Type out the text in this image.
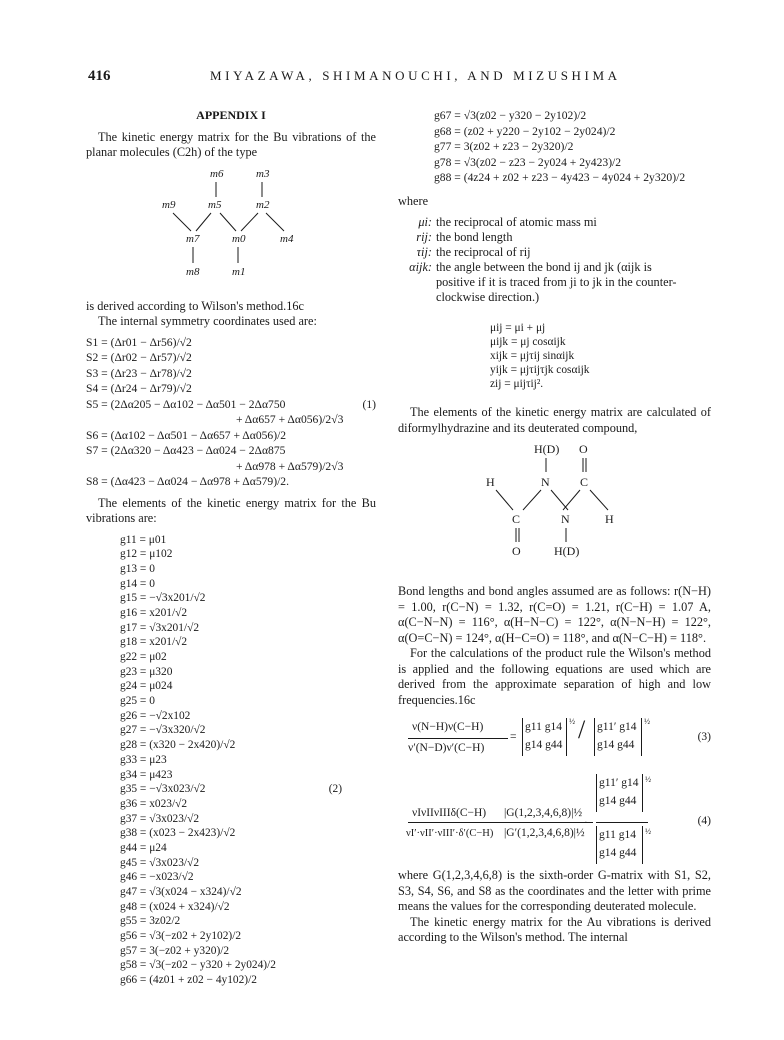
416	MIYAZAWA, SHIMANOUCHI, AND MIZUSHIMA
APPENDIX I

The kinetic energy matrix for the Bu vibrations of the planar molecules (C2h) of the type

m6	m3
m9	m5	m2
m7	m0	m4
m8	m1

is derived according to Wilson's method.16c

The internal symmetry coordinates used are:

S1 = (Δr01 − Δr56)/√2
S2 = (Δr02 − Δr57)/√2
S3 = (Δr23 − Δr78)/√2
S4 = (Δr24 − Δr79)/√2
S5 = (2Δα205 − Δα102 − Δα501 − 2Δα750	(1)
+ Δα657 + Δα056)/2√3
S6 = (Δα102 − Δα501 − Δα657 + Δα056)/2
S7 = (2Δα320 − Δα423 − Δα024 − 2Δα875
+ Δα978 + Δα579)/2√3
S8 = (Δα423 − Δα024 − Δα978 + Δα579)/2.

The elements of the kinetic energy matrix for the Bu vibrations are:

g11 = μ01
g12 = μ102
g13 = 0
g14 = 0
g15 = −√3x201/√2
g16 = x201/√2
g17 = √3x201/√2
g18 = x201/√2
g22 = μ02
g23 = μ320
g24 = μ024
g25 = 0
g26 = −√2x102
g27 = −√3x320/√2
g28 = (x320 − 2x420)/√2
g33 = μ23
g34 = μ423
g35 = −√3x023/√2	(2)
g36 = x023/√2
g37 = √3x023/√2
g38 = (x023 − 2x423)/√2
g44 = μ24
g45 = √3x023/√2
g46 = −x023/√2
g47 = √3(x024 − x324)/√2
g48 = (x024 + x324)/√2
g55 = 3z02/2
g56 = √3(−z02 + 2y102)/2
g57 = 3(−z02 + y320)/2
g58 = √3(−z02 − y320 + 2y024)/2
g66 = (4z01 + z02 − 4y102)/2
g67 = √3(z02 − y320 − 2y102)/2
g68 = (z02 + y220 − 2y102 − 2y024)/2
g77 = 3(z02 + z23 − 2y320)/2
g78 = √3(z02 − z23 − 2y024 + 2y423)/2
g88 = (4z24 + z02 + z23 − 4y423 − 4y024 + 2y320)/2
where
μi: the reciprocal of atomic mass mi
rij: the bond length
τij: the reciprocal of rij
αijk: the angle between the bond ij and jk (αijk is
positive if it is traced from ji to jk in the counter-
clockwise direction.)
μij = μi + μj
μijk = μj cosαijk
xijk = μjτij sinαijk
yijk = μjτijτjk cosαijk
zij = μijτij².

The elements of the kinetic energy matrix are calculated of diformylhydrazine and its deuterated compound,

H(D) O
H	N	C
C	N	H
O	H(D)

Bond lengths and bond angles assumed are as follows: r(N−H) = 1.00, r(C−N) = 1.32, r(C=O) = 1.21, r(C−H) = 1.07 A, α(C−N−N) = 116°, α(H−N−C) = 122°, α(N−N−H) = 122°, α(O=C−N) = 124°, α(H−C=O) = 118°, and α(N−C−H) = 118°.

For the calculations of the product rule the Wilson's method is applied and the following equations are used which are derived from the approximate separation of high and low frequencies.16c

ν(N−H)ν(C−H)
ν′(N−D)ν′(C−H)
=
g11 g14
g14 g44
½ / g11′ g14
g14 g44
½
(3)
g11′ g14
g14 g44
½
νIνIIνIIIδ(C−H) |G(1,2,3,4,6,8)|½
νI′·νII′·νIII′·δ′(C−H) |G′(1,2,3,4,6,8)|½
·
g11 g14
g14 g44
½
(4)

where G(1,2,3,4,6,8) is the sixth-order G-matrix with S1, S2, S3, S4, S6, and S8 as the coordinates and the letter with prime means the values for the corresponding deuterated molecule.

The kinetic energy matrix for the Au vibrations is derived according to the Wilson's method. The internal
